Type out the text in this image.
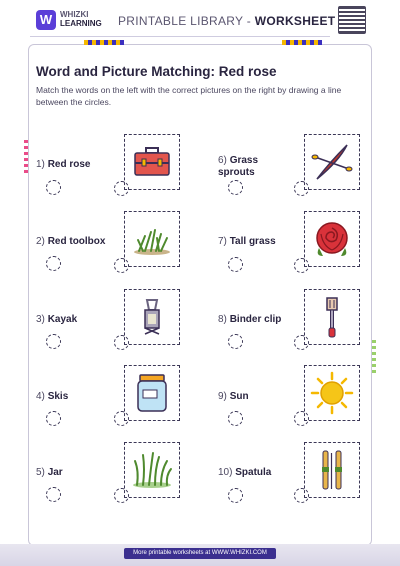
W WHIZKI
LEARNING PRINTABLE LIBRARY - WORKSHEET
Word and Picture Matching: Red rose
Match the words on the left with the correct pictures on the right by drawing a line between the circles.
1) Red rose
2) Red toolbox
3) Kayak
4) Skis
5) Jar
6) Grass sprouts
7) Tall grass
8) Binder clip
9) Sun
10) Spatula
More printable worksheets at WWW.WHIZKI.COM
